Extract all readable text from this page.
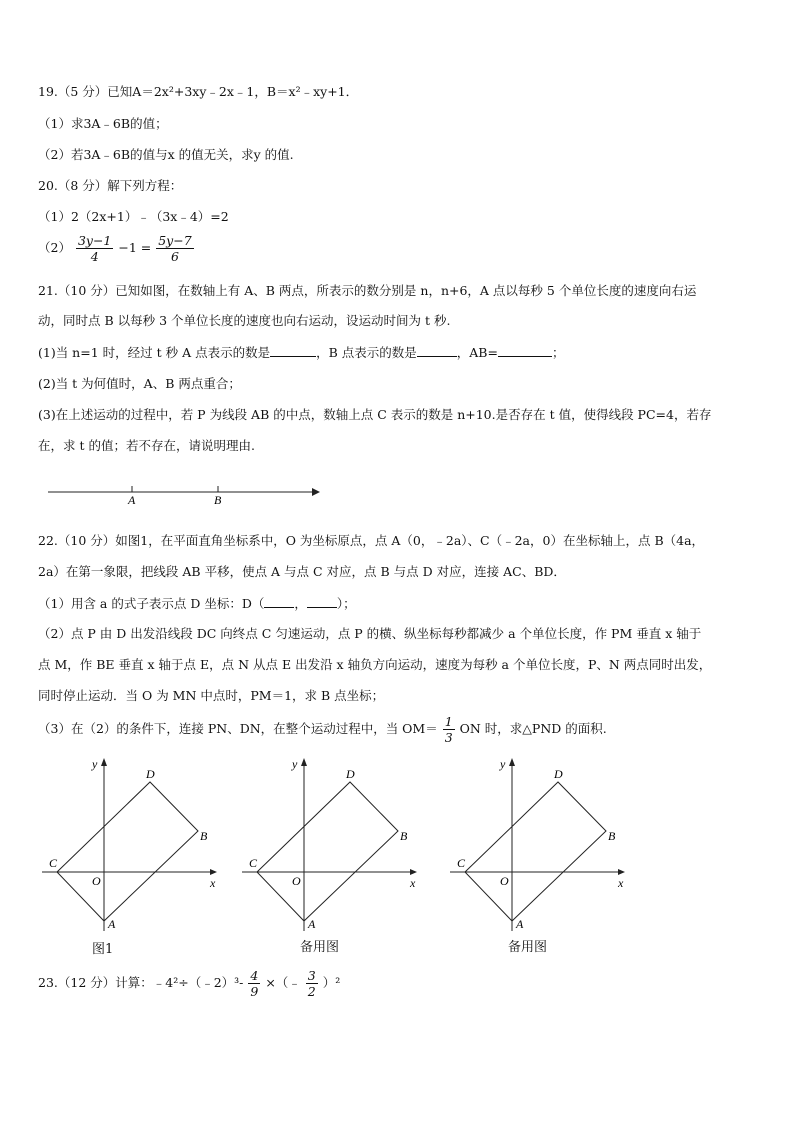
19.（5 分）已知A＝2x²+3xy﹣2x﹣1，B＝x²﹣xy+1．
（1）求3A﹣6B的值；
（2）若3A﹣6B的值与x 的值无关，求y 的值.
20.（8 分）解下列方程：
（1）2（2x+1）﹣（3x﹣4）=2
$(2) \frac{3y-1}{4} -1 = \frac{5y-7}{6}$
21.（10 分）已知如图，在数轴上有 A、B 两点，所表示的数分别是 n，n+6，A 点以每秒 5 个单位长度的速度向右运
动，同时点 B 以每秒 3 个单位长度的速度也向右运动，设运动时间为 t 秒.
(1)当 n=1 时，经过 t 秒 A 点表示的数是	，B 点表示的数是	，AB=	；
(2)当 t 为何值时，A、B 两点重合；
(3)在上述运动的过程中，若 P 为线段 AB 的中点，数轴上点 C 表示的数是 n+10.是否存在 t 值，使得线段 PC=4，若存
在，求 t 的值；若不存在，请说明理由.
A	B
22.（10 分）如图1，在平面直角坐标系中，O 为坐标原点，点 A（0，﹣2a）、C（﹣2a，0）在坐标轴上，点 B（4a，
2a）在第一象限，把线段 AB 平移，使点 A 与点 C 对应，点 B 与点 D 对应，连接 AC、BD．
（1）用含 a 的式子表示点 D 坐标：D（ ， ）；
（2）点 P 由 D 出发沿线段 DC 向终点 C 匀速运动，点 P 的横、纵坐标每秒都减少 a 个单位长度，作 PM 垂直 x 轴于
点 M，作 BE 垂直 x 轴于点 E，点 N 从点 E 出发沿 x 轴负方向运动，速度为每秒 a 个单位长度，P、N 两点同时出发，
同时停止运动．当 O 为 MN 中点时，PM＝1，求 B 点坐标；
（3）在（2）的条件下，连接 PN、DN，在整个运动过程中，当 $OM= \frac{1}{3}$ ON 时，求△PND 的面积.
y
x
O
C
D
B
A
y
x
O
C
D
B
A
y
x
O
C
D
B
A
图1	备用图	备用图
23.（12 分）计算：﹣4²÷（﹣2）³- $\frac{4}{9}$ ×（﹣ $\frac{3}{2} )^2$
